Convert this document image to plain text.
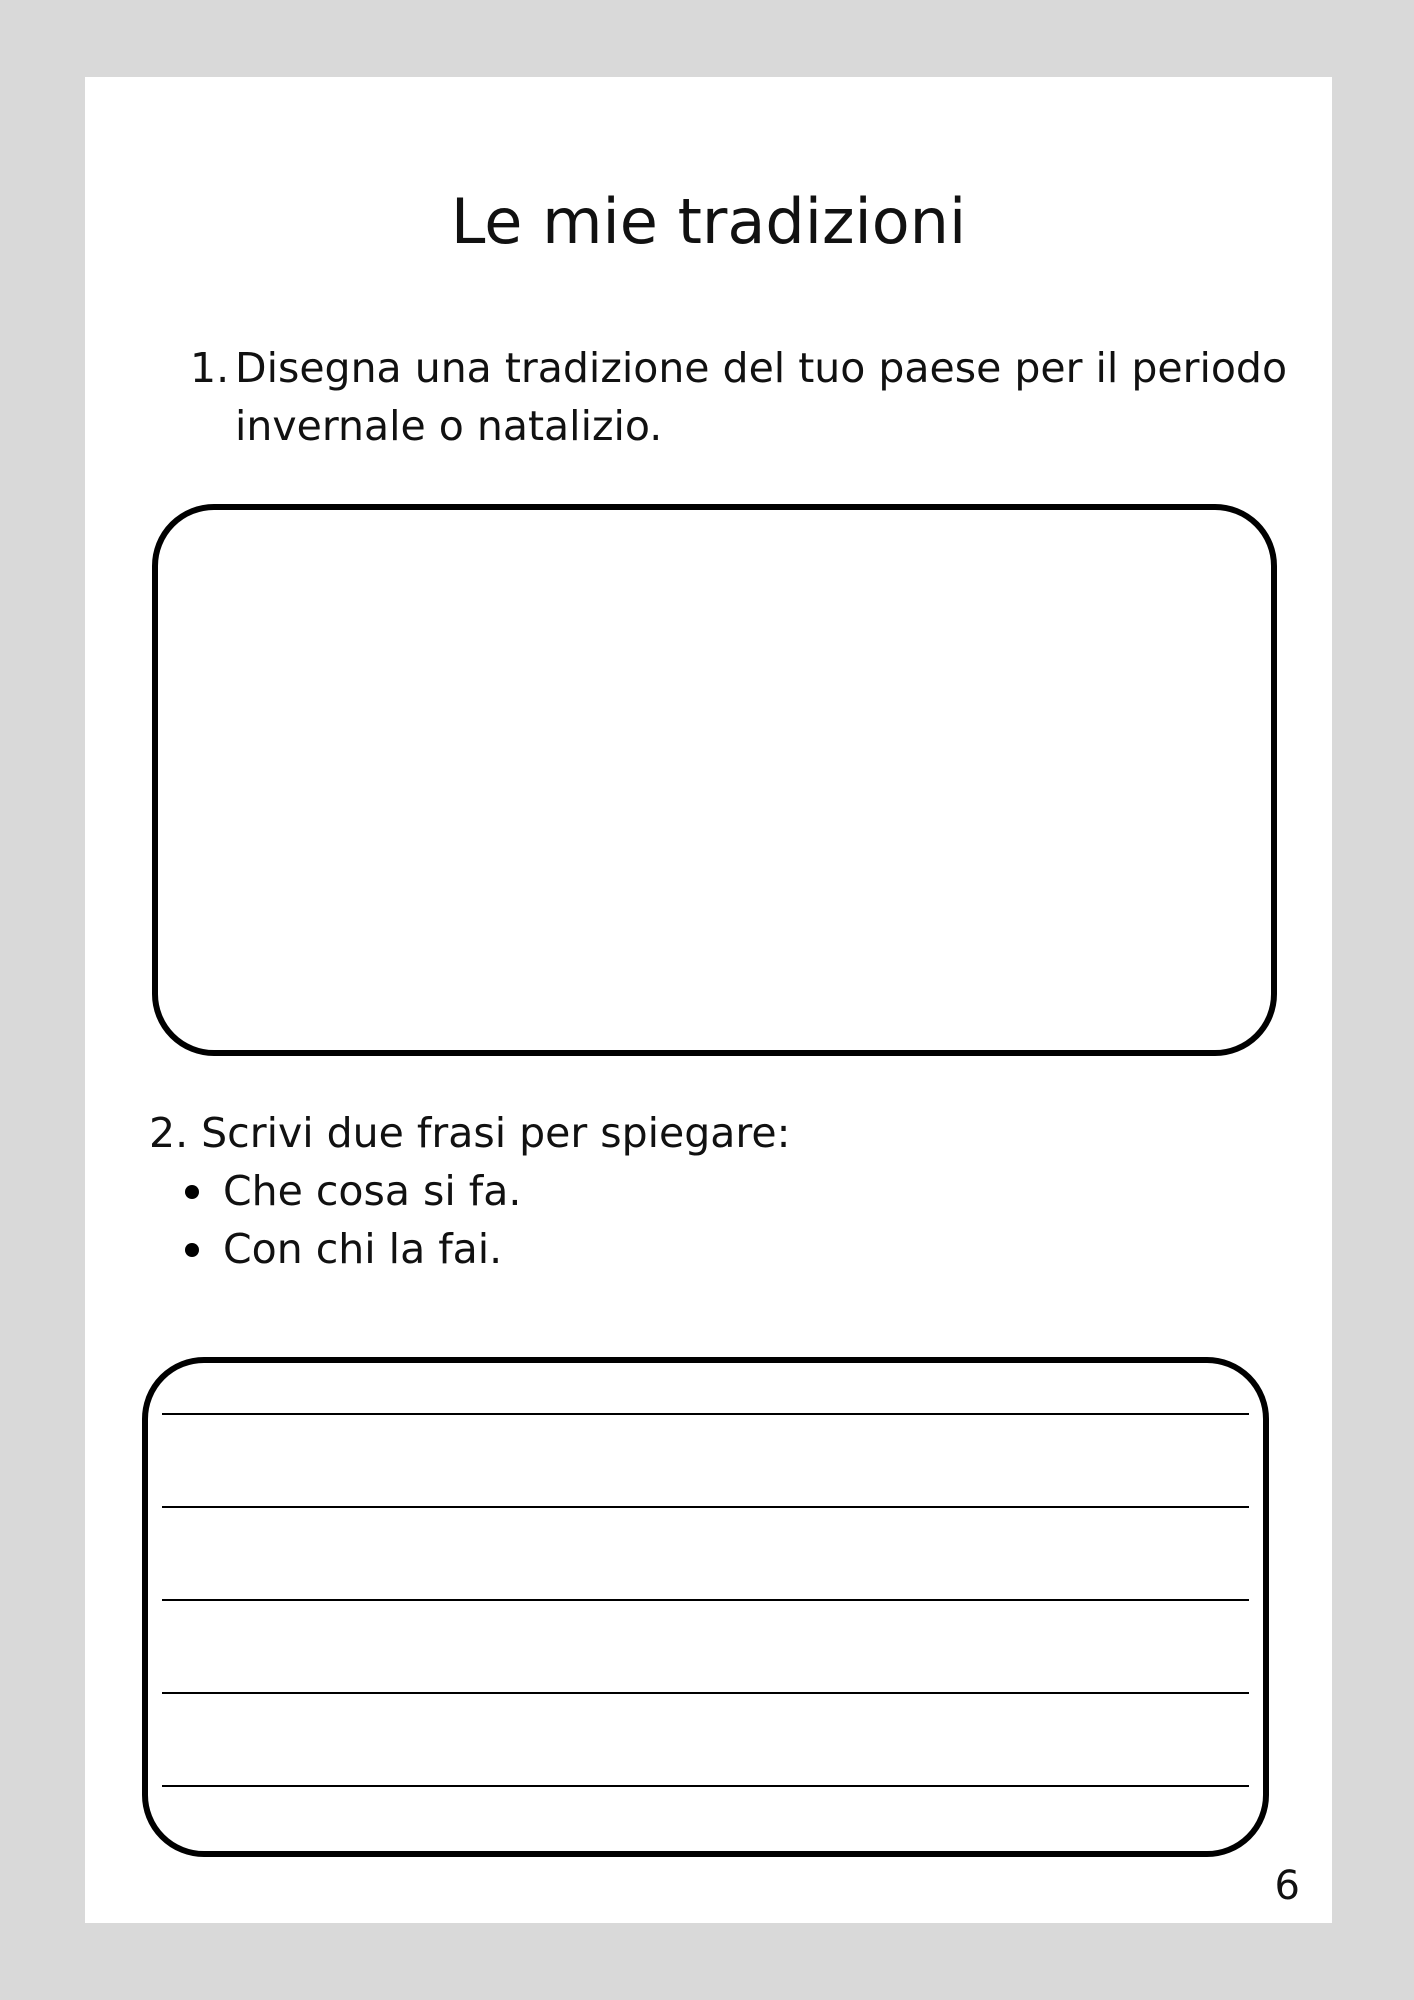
Le mie tradizioni
1. Disegna una tradizione del tuo paese per il periodo invernale o natalizio.
2. Scrivi due frasi per spiegare:
Che cosa si fa.
Con chi la fai.
6
